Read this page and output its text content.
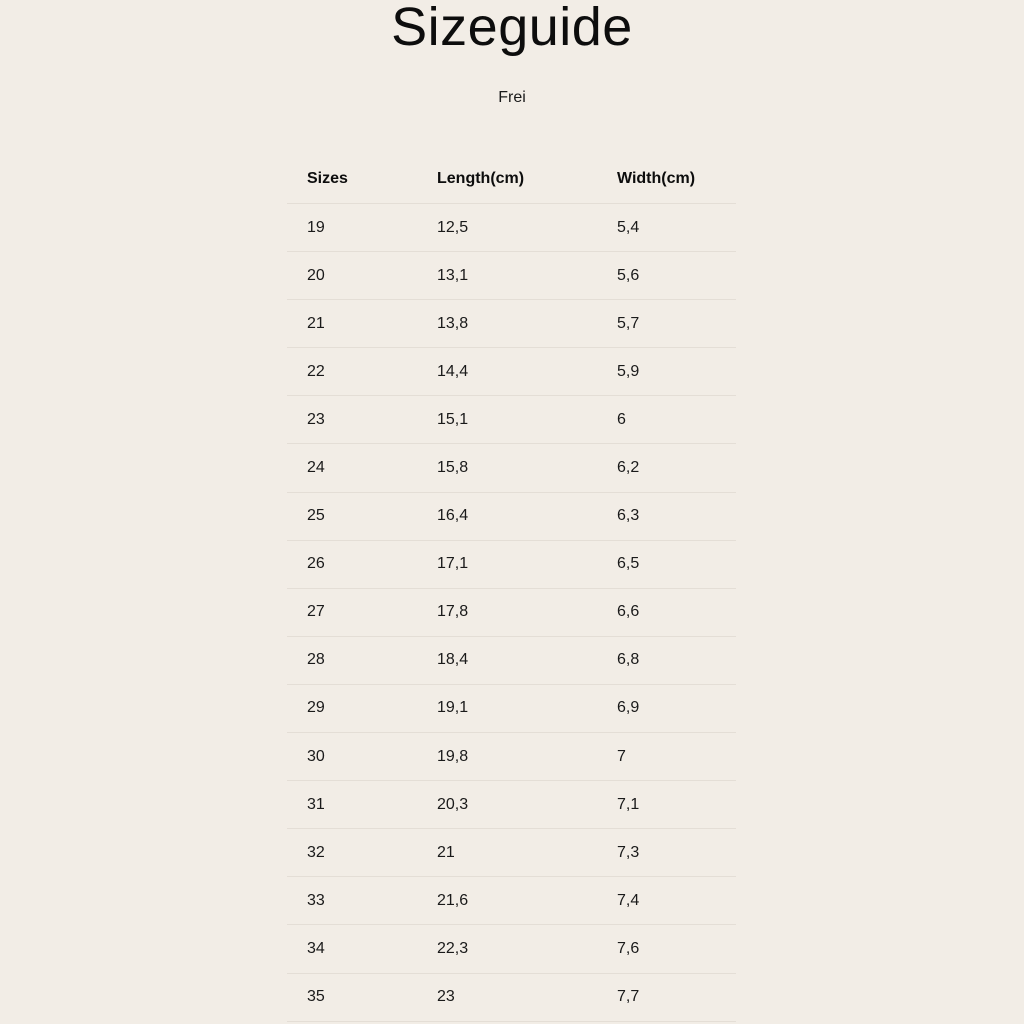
Sizeguide
Frei
Sizes	Length(cm)	Width(cm)
19	12,5	5,4
20	13,1	5,6
21	13,8	5,7
22	14,4	5,9
23	15,1	6
24	15,8	6,2
25	16,4	6,3
26	17,1	6,5
27	17,8	6,6
28	18,4	6,8
29	19,1	6,9
30	19,8	7
31	20,3	7,1
32	21	7,3
33	21,6	7,4
34	22,3	7,6
35	23	7,7
